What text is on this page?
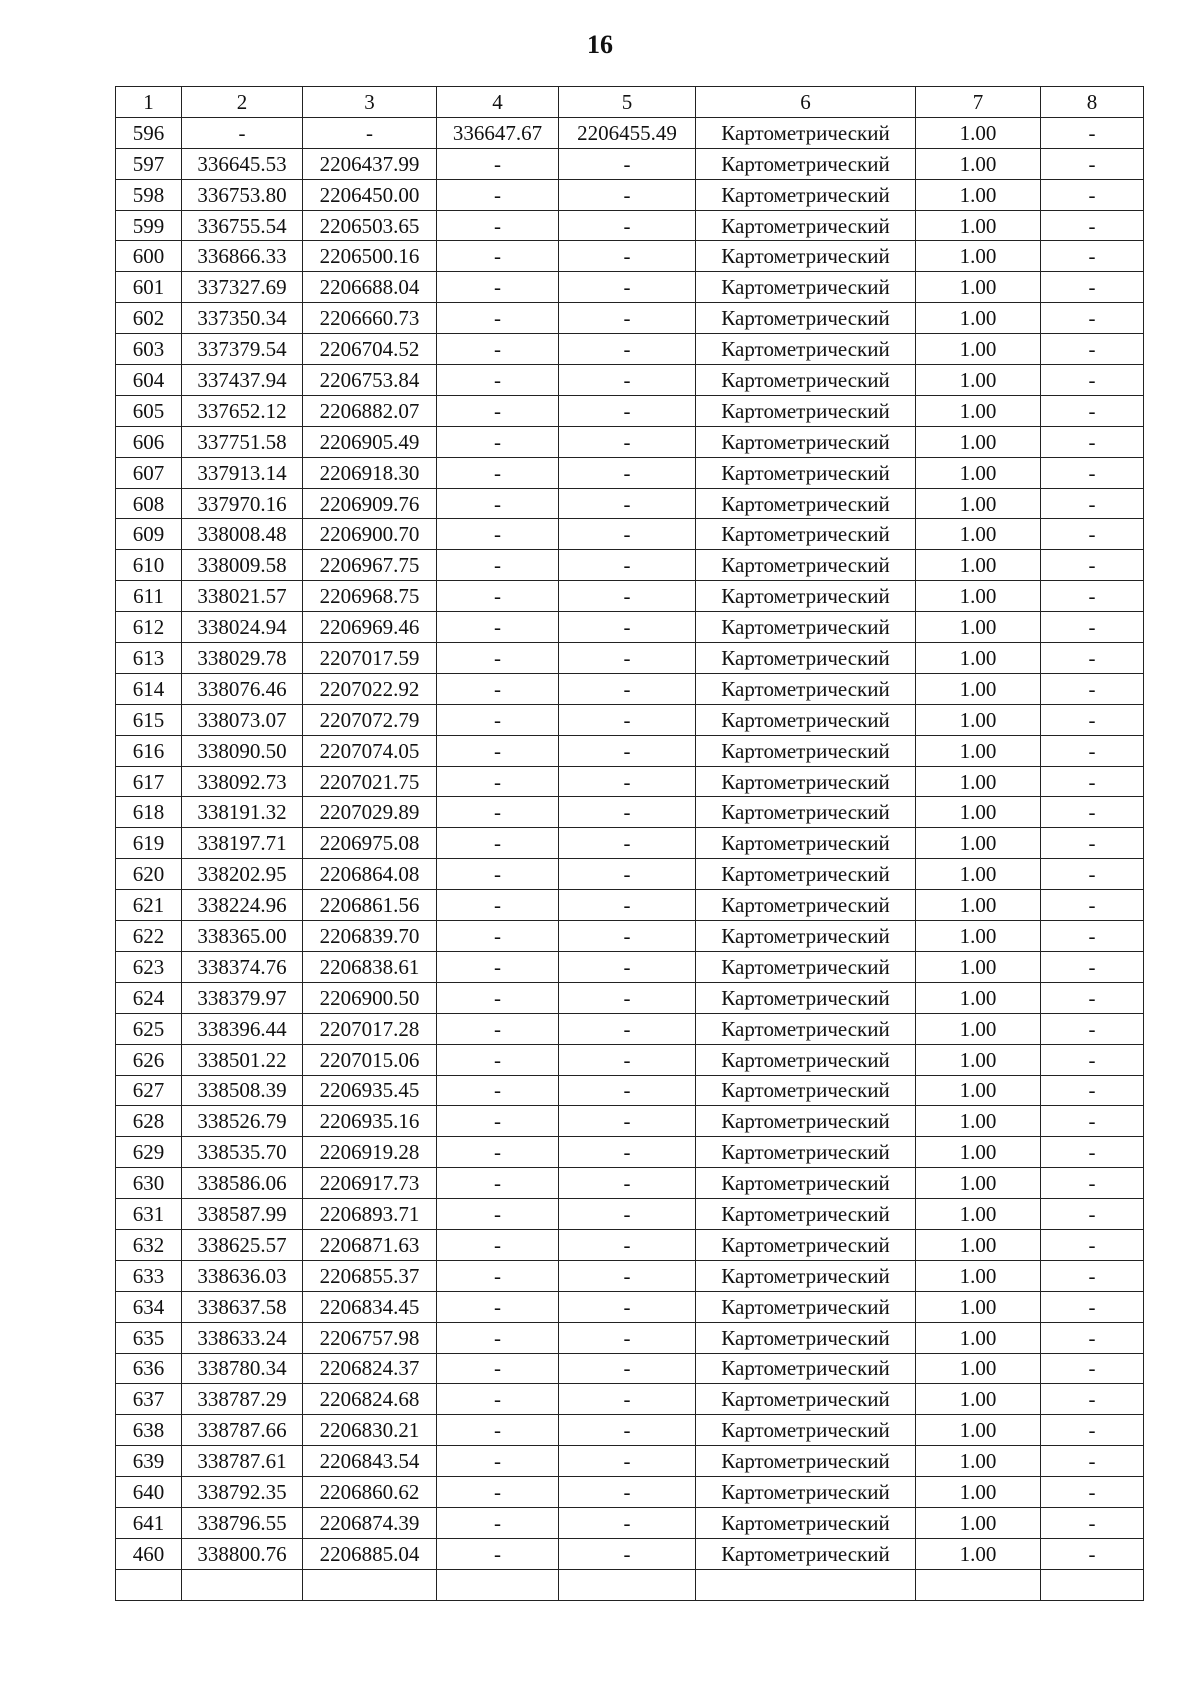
16
1	2	3	4	5	6	7	8
596	-	-	336647.67	2206455.49	Картометрический	1.00	-
597	336645.53	2206437.99	-	-	Картометрический	1.00	-
598	336753.80	2206450.00	-	-	Картометрический	1.00	-
599	336755.54	2206503.65	-	-	Картометрический	1.00	-
600	336866.33	2206500.16	-	-	Картометрический	1.00	-
601	337327.69	2206688.04	-	-	Картометрический	1.00	-
602	337350.34	2206660.73	-	-	Картометрический	1.00	-
603	337379.54	2206704.52	-	-	Картометрический	1.00	-
604	337437.94	2206753.84	-	-	Картометрический	1.00	-
605	337652.12	2206882.07	-	-	Картометрический	1.00	-
606	337751.58	2206905.49	-	-	Картометрический	1.00	-
607	337913.14	2206918.30	-	-	Картометрический	1.00	-
608	337970.16	2206909.76	-	-	Картометрический	1.00	-
609	338008.48	2206900.70	-	-	Картометрический	1.00	-
610	338009.58	2206967.75	-	-	Картометрический	1.00	-
611	338021.57	2206968.75	-	-	Картометрический	1.00	-
612	338024.94	2206969.46	-	-	Картометрический	1.00	-
613	338029.78	2207017.59	-	-	Картометрический	1.00	-
614	338076.46	2207022.92	-	-	Картометрический	1.00	-
615	338073.07	2207072.79	-	-	Картометрический	1.00	-
616	338090.50	2207074.05	-	-	Картометрический	1.00	-
617	338092.73	2207021.75	-	-	Картометрический	1.00	-
618	338191.32	2207029.89	-	-	Картометрический	1.00	-
619	338197.71	2206975.08	-	-	Картометрический	1.00	-
620	338202.95	2206864.08	-	-	Картометрический	1.00	-
621	338224.96	2206861.56	-	-	Картометрический	1.00	-
622	338365.00	2206839.70	-	-	Картометрический	1.00	-
623	338374.76	2206838.61	-	-	Картометрический	1.00	-
624	338379.97	2206900.50	-	-	Картометрический	1.00	-
625	338396.44	2207017.28	-	-	Картометрический	1.00	-
626	338501.22	2207015.06	-	-	Картометрический	1.00	-
627	338508.39	2206935.45	-	-	Картометрический	1.00	-
628	338526.79	2206935.16	-	-	Картометрический	1.00	-
629	338535.70	2206919.28	-	-	Картометрический	1.00	-
630	338586.06	2206917.73	-	-	Картометрический	1.00	-
631	338587.99	2206893.71	-	-	Картометрический	1.00	-
632	338625.57	2206871.63	-	-	Картометрический	1.00	-
633	338636.03	2206855.37	-	-	Картометрический	1.00	-
634	338637.58	2206834.45	-	-	Картометрический	1.00	-
635	338633.24	2206757.98	-	-	Картометрический	1.00	-
636	338780.34	2206824.37	-	-	Картометрический	1.00	-
637	338787.29	2206824.68	-	-	Картометрический	1.00	-
638	338787.66	2206830.21	-	-	Картометрический	1.00	-
639	338787.61	2206843.54	-	-	Картометрический	1.00	-
640	338792.35	2206860.62	-	-	Картометрический	1.00	-
641	338796.55	2206874.39	-	-	Картометрический	1.00	-
460	338800.76	2206885.04	-	-	Картометрический	1.00	-
